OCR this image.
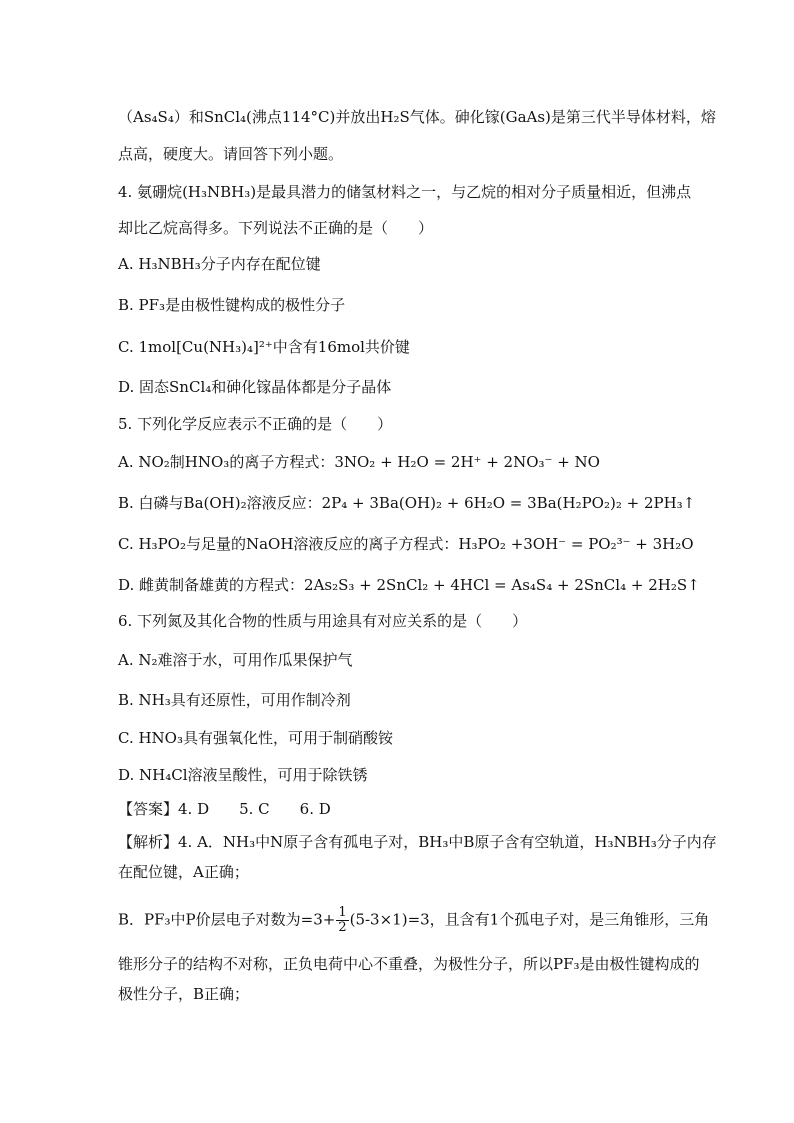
（As₄S₄）和SnCl₄(沸点114°C)并放出H₂S气体。砷化镓(GaAs)是第三代半导体材料，熔
点高，硬度大。请回答下列小题。
4. 氨硼烷(H₃NBH₃)是最具潜力的储氢材料之一，与乙烷的相对分子质量相近，但沸点
却比乙烷高得多。下列说法不正确的是（　　）
A. H₃NBH₃分子内存在配位键
B. PF₃是由极性键构成的极性分子
C. 1mol[Cu(NH₃)₄]²⁺中含有16mol共价键
D. 固态SnCl₄和砷化镓晶体都是分子晶体
5. 下列化学反应表示不正确的是（　　）
A. NO₂制HNO₃的离子方程式：3NO₂ + H₂O = 2H⁺ + 2NO₃⁻ + NO
B. 白磷与Ba(OH)₂溶液反应：2P₄ + 3Ba(OH)₂ + 6H₂O = 3Ba(H₂PO₂)₂ + 2PH₃↑
C. H₃PO₂与足量的NaOH溶液反应的离子方程式：H₃PO₂ +3OH⁻ = PO₂³⁻ + 3H₂O
D. 雌黄制备雄黄的方程式：2As₂S₃ + 2SnCl₂ + 4HCl = As₄S₄ + 2SnCl₄ + 2H₂S↑
6. 下列氮及其化合物的性质与用途具有对应关系的是（　　）
A. N₂难溶于水，可用作瓜果保护气
B. NH₃具有还原性，可用作制冷剂
C. HNO₃具有强氧化性，可用于制硝酸铵
D. NH₄Cl溶液呈酸性，可用于除铁锈
【答案】4. D　　5. C　　6. D
【解析】4. A．NH₃中N原子含有孤电子对，BH₃中B原子含有空轨道，H₃NBH₃分子内存
在配位键，A正确；
B．PF₃中P价层电子对数为$=3+ \frac{1}{2} (5-3\times 1)=3$，且含有1个孤电子对，是三角锥形，三角
锥形分子的结构不对称，正负电荷中心不重叠，为极性分子，所以PF₃是由极性键构成的
极性分子，B正确；
